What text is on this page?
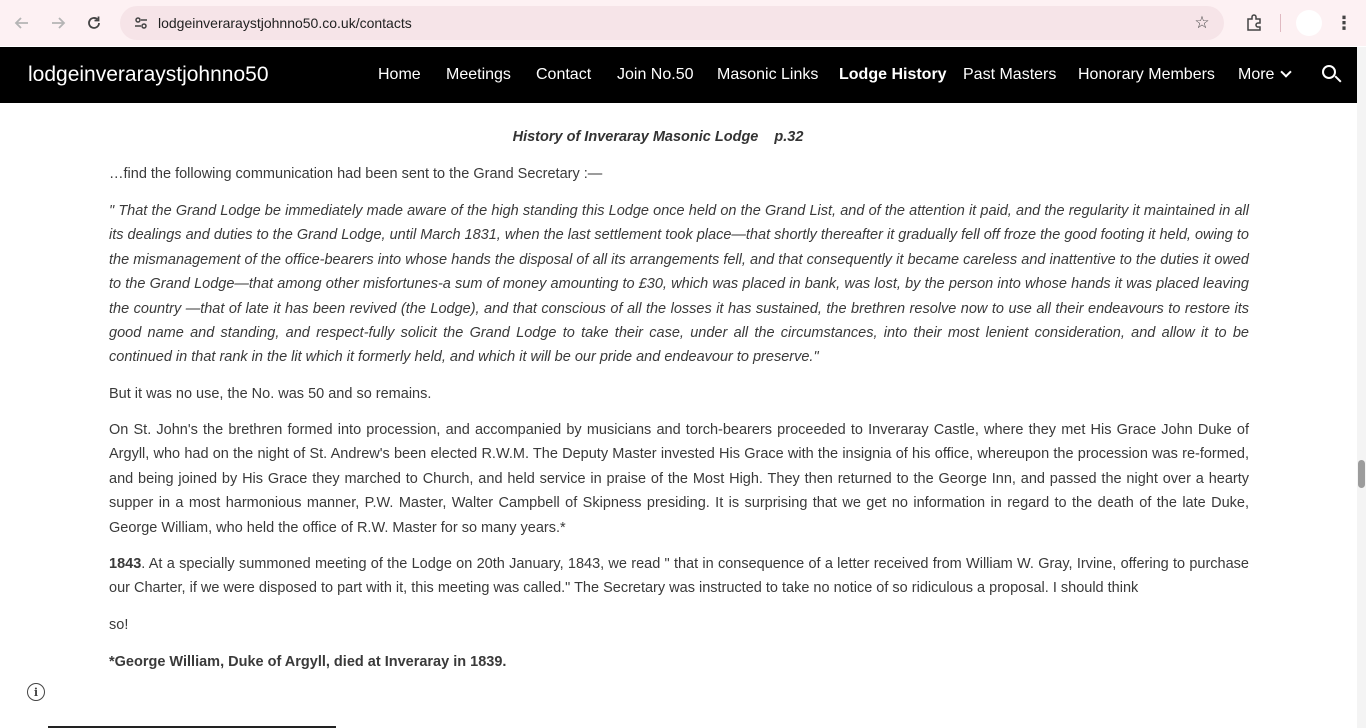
lodgeinveraraystjohnno50.co.uk/contacts	☆	⋮
lodgeinveraraystjohnno50	Home Meetings Contact Join No.50 Masonic Links Lodge History Past Masters Honorary Members More
History of Inveraray Masonic Lodge p.32

…find the following communication had been sent to the Grand Secretary :—

" That the Grand Lodge be immediately made aware of the high standing this Lodge once held on the Grand List, and of the attention it paid, and the regularity it maintained in all its dealings and duties to the Grand Lodge, until March 1831, when the last settlement took place—that shortly thereafter it gradually fell off froze the good footing it held, owing to the mismanagement of the office-bearers into whose hands the disposal of all its arrangements fell, and that consequently it became careless and inattentive to the duties it owed to the Grand Lodge—that among other misfortunes-a sum of money amounting to £30, which was placed in bank, was lost, by the person into whose hands it was placed leaving the country —that of late it has been revived (the Lodge), and that conscious of all the losses it has sustained, the brethren resolve now to use all their endeavours to restore its good name and standing, and respect-fully solicit the Grand Lodge to take their case, under all the circumstances, into their most lenient consideration, and allow it to be continued in that rank in the lit which it formerly held, and which it will be our pride and endeavour to preserve."

But it was no use, the No. was 50 and so remains.

On St. John's the brethren formed into procession, and accompanied by musicians and torch-bearers proceeded to Inveraray Castle, where they met His Grace John Duke of Argyll, who had on the night of St. Andrew's been elected R.W.M. The Deputy Master invested His Grace with the insignia of his office, whereupon the procession was re-formed, and being joined by His Grace they marched to Church, and held service in praise of the Most High. They then returned to the George Inn, and passed the night over a hearty supper in a most harmonious manner, P.W. Master, Walter Campbell of Skipness presiding. It is surprising that we get no information in regard to the death of the late Duke, George William, who held the office of R.W. Master for so many years.*

1843. At a specially summoned meeting of the Lodge on 20th January, 1843, we read " that in consequence of a letter received from William W. Gray, Irvine, offering to purchase our Charter, if we were disposed to part with it, this meeting was called." The Secretary was instructed to take no notice of so ridiculous a proposal. I should think

so!

*George William, Duke of Argyll, died at Inveraray in 1839.

i
